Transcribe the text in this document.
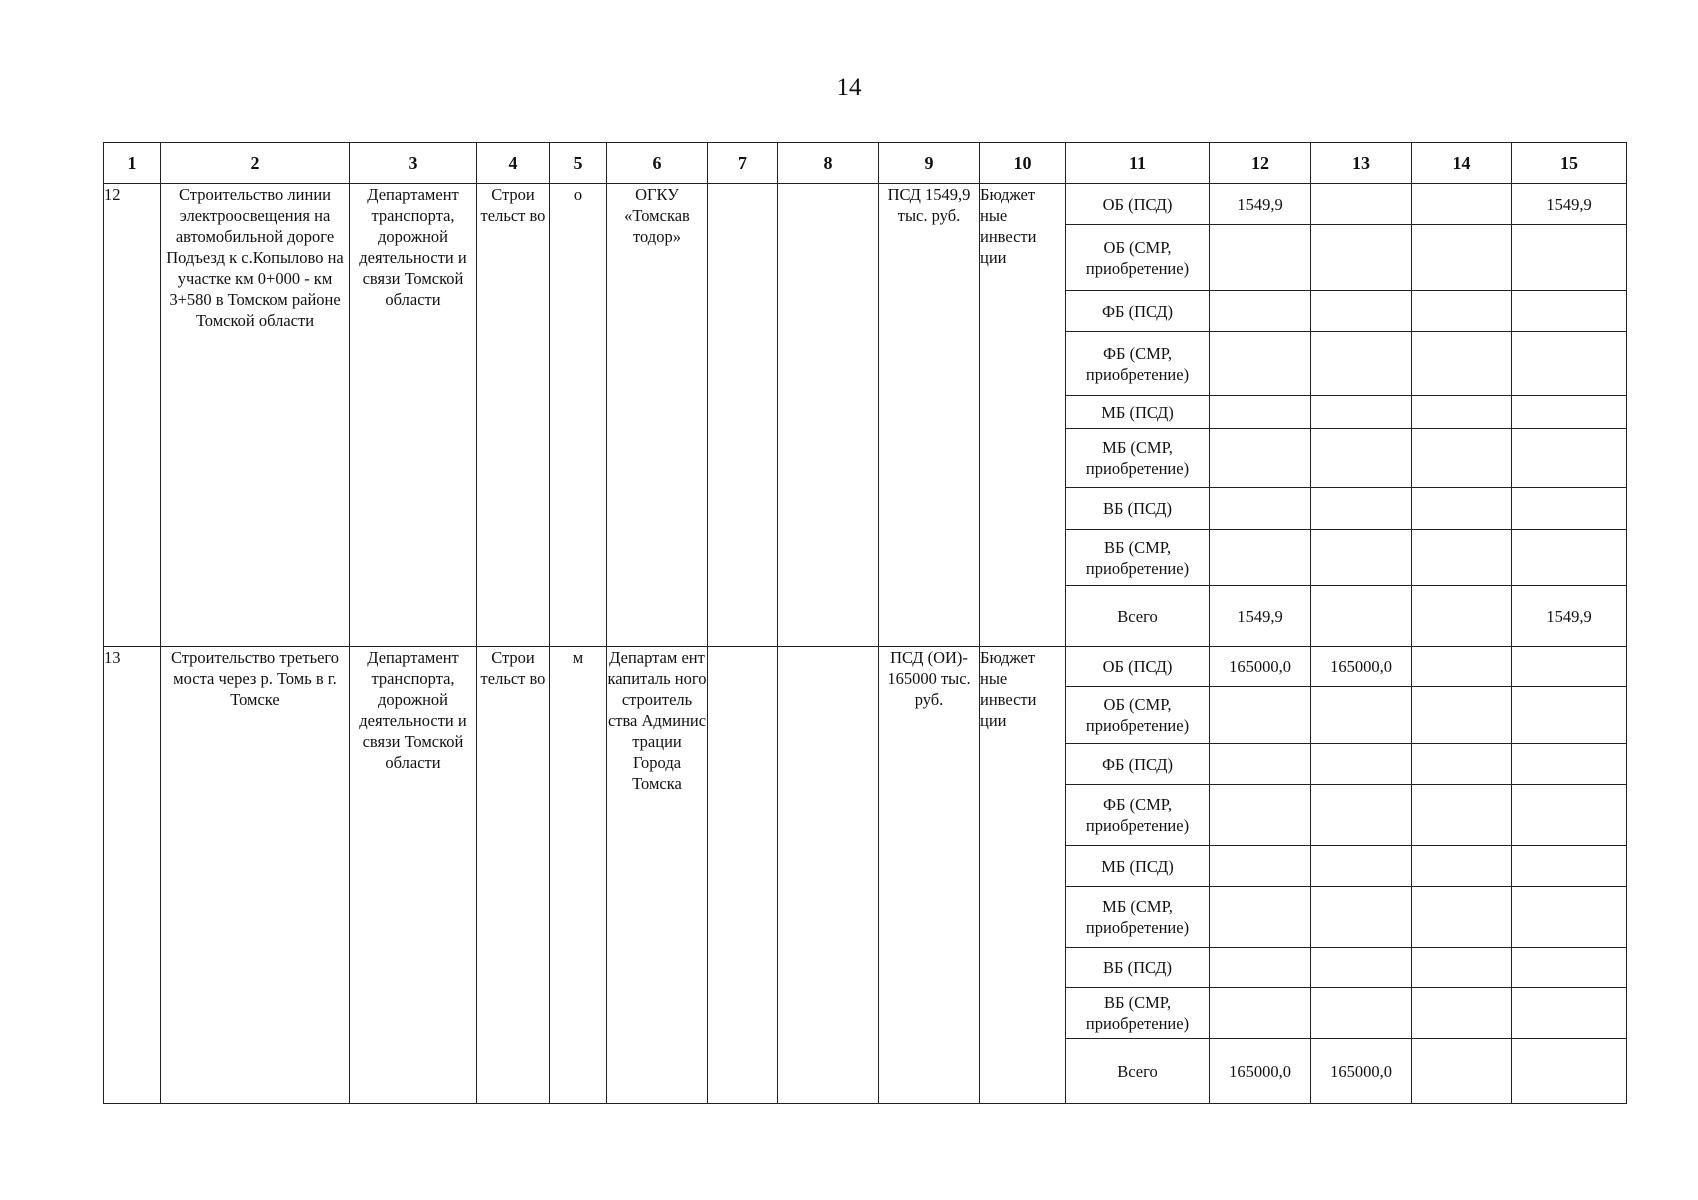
14
1	2	3	4	5	6	7	8	9	10	11	12	13	14	15
12	Строительство линии электроосвещения на автомобильной дороге Подъезд к с.Копылово на участке км 0+000 - км 3+580 в Томском районе Томской области	Департамент транспорта, дорожной деятельности и связи Томской области	Строи тельст во	о	ОГКУ «Томскав тодор»			ПСД 1549,9 тыс. руб.	Бюджет ные инвести ции	ОБ (ПСД)	1549,9			1549,9
										ОБ (СМР, приобретение)				
										ФБ (ПСД)				
										ФБ (СМР, приобретение)				
										МБ (ПСД)				
										МБ (СМР, приобретение)				
										ВБ (ПСД)				
										ВБ (СМР, приобретение)				
										Всего	1549,9			1549,9
13	Строительство третьего моста через р. Томь в г. Томске	Департамент транспорта, дорожной деятельности и связи Томской области	Строи тельст во	м	Департам ент капиталь ного строитель ства Админис трации Города Томска			ПСД (ОИ)- 165000 тыс. руб.	Бюджет ные инвести ции	ОБ (ПСД)	165000,0	165000,0		
										ОБ (СМР, приобретение)				
										ФБ (ПСД)				
										ФБ (СМР, приобретение)				
										МБ (ПСД)				
										МБ (СМР, приобретение)				
										ВБ (ПСД)				
										ВБ (СМР, приобретение)				
										Всего	165000,0	165000,0		
